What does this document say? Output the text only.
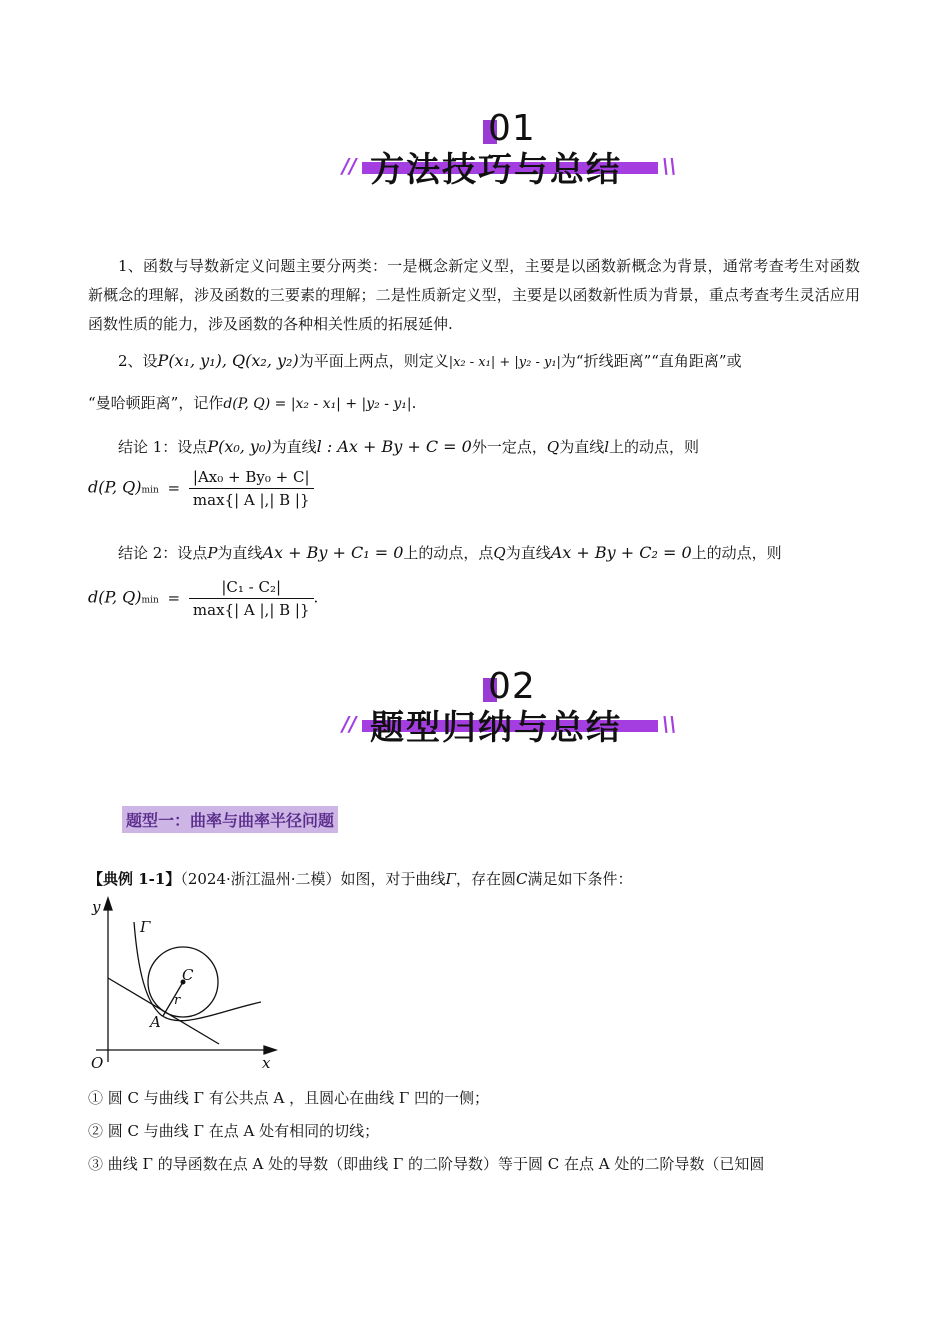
01
方法技巧与总结
//	\\
1、函数与导数新定义问题主要分两类：一是概念新定义型，主要是以函数新概念为背景，通常考查考生对函数新概念的理解，涉及函数的三要素的理解；二是性质新定义型，主要是以函数新性质为背景，重点考查考生灵活应用函数性质的能力，涉及函数的各种相关性质的拓展延伸.
2、设P(x₁, y₁), Q(x₂, y₂)为平面上两点，则定义|x₂ - x₁| + |y₂ - y₁|为“折线距离”“直角距离”或
“曼哈顿距离”，记作d(P, Q) = |x₂ - x₁| + |y₂ - y₁|.
结论 1：设点P(x₀, y₀)为直线l : Ax + By + C = 0外一定点，Q为直线l上的动点，则
d(P, $Q)\min = \frac{\text{|Ax₀ + By₀ + C|}}{\max\{| A |,| B |\}}$
结论 2：设点P为直线Ax + By + C₁ = 0上的动点，点Q为直线Ax + By + C₂ = 0上的动点，则
d(P, $Q)\min = \frac{\text{|C₁ - C₂|}}{\max\{| A |,| B |\}}$ .
02
题型归纳与总结
//	\\
题型一：曲率与曲率半径问题
【典例 1-1】（2024·浙江温州·二模）如图，对于曲线Γ，存在圆C满足如下条件：
y
x
O
Γ
C
r
A
① 圆 C 与曲线 Γ 有公共点 A ，且圆心在曲线 Γ 凹的一侧；
② 圆 C 与曲线 Γ 在点 A 处有相同的切线；
③ 曲线 Γ 的导函数在点 A 处的导数（即曲线 Γ 的二阶导数）等于圆 C 在点 A 处的二阶导数（已知圆
